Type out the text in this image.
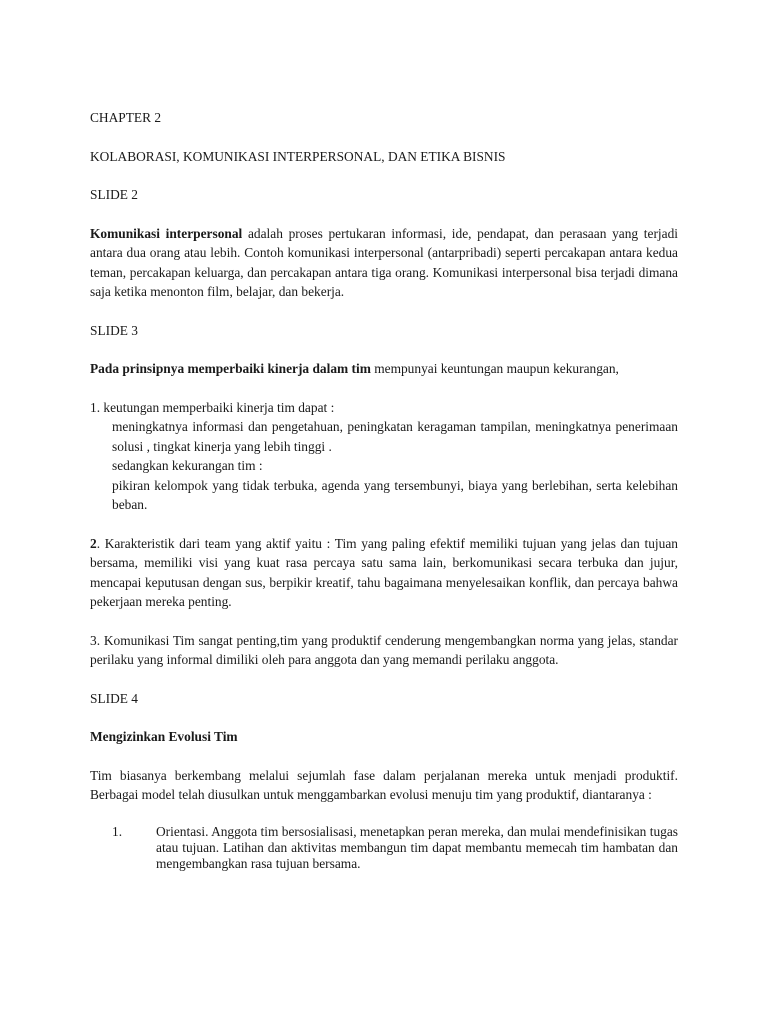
CHAPTER 2

KOLABORASI, KOMUNIKASI INTERPERSONAL, DAN ETIKA BISNIS

SLIDE 2

Komunikasi interpersonal adalah proses pertukaran informasi, ide, pendapat, dan perasaan yang terjadi antara dua orang atau lebih. Contoh komunikasi interpersonal (antarpribadi) seperti percakapan antara kedua teman, percakapan keluarga, dan percakapan antara tiga orang. Komunikasi interpersonal bisa terjadi dimana saja ketika menonton film, belajar, dan bekerja.

SLIDE 3

Pada prinsipnya memperbaiki kinerja dalam tim mempunyai keuntungan maupun kekurangan,

1. keutungan memperbaiki kinerja tim dapat :

meningkatnya informasi dan pengetahuan, peningkatan keragaman tampilan, meningkatnya penerimaan solusi , tingkat kinerja yang lebih tinggi .

sedangkan kekurangan tim :

pikiran kelompok yang tidak terbuka, agenda yang tersembunyi, biaya yang berlebihan, serta kelebihan beban.

2. Karakteristik dari team yang aktif yaitu : Tim yang paling efektif memiliki tujuan yang jelas dan tujuan bersama, memiliki visi yang kuat rasa percaya satu sama lain, berkomunikasi secara terbuka dan jujur, mencapai keputusan dengan sus, berpikir kreatif, tahu bagaimana menyelesaikan konflik, dan percaya bahwa pekerjaan mereka penting.

3. Komunikasi Tim sangat penting,tim yang produktif cenderung mengembangkan norma yang jelas, standar perilaku yang informal dimiliki oleh para anggota dan yang memandi perilaku anggota.

SLIDE 4

Mengizinkan Evolusi Tim

Tim biasanya berkembang melalui sejumlah fase dalam perjalanan mereka untuk menjadi produktif. Berbagai model telah diusulkan untuk menggambarkan evolusi menuju tim yang produktif, diantaranya :

1.	Orientasi. Anggota tim bersosialisasi, menetapkan peran mereka, dan mulai mendefinisikan tugas atau tujuan. Latihan dan aktivitas membangun tim dapat membantu memecah tim hambatan dan mengembangkan rasa tujuan bersama.
